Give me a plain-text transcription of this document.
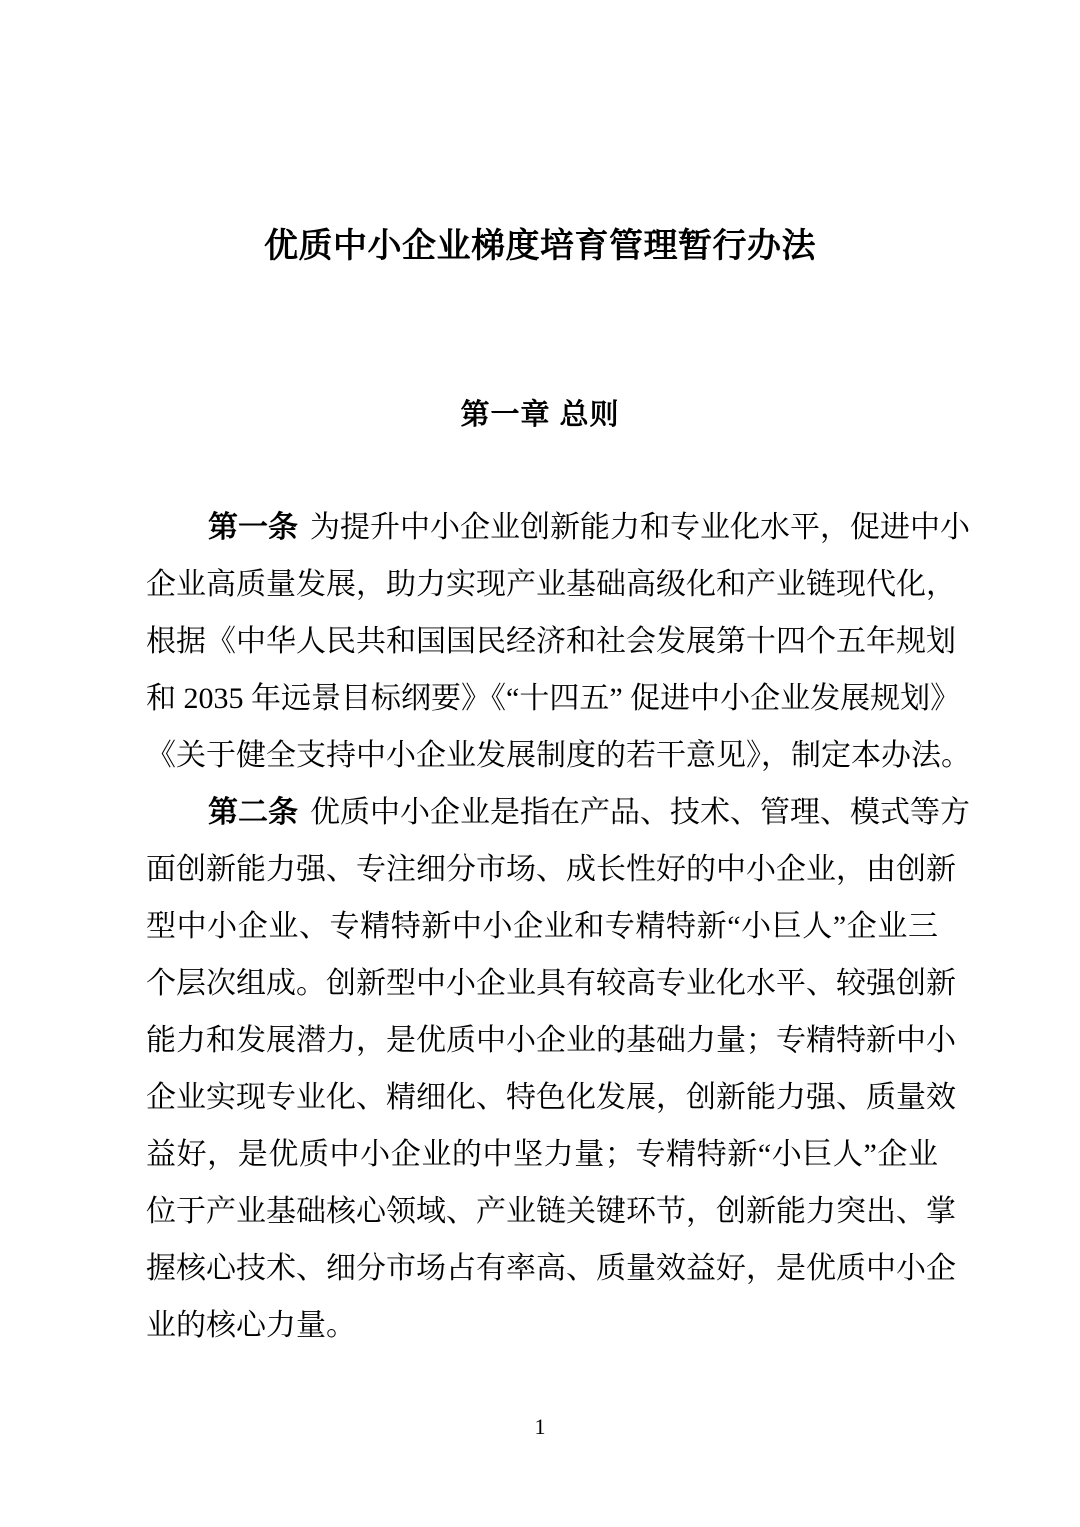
优质中小企业梯度培育管理暂行办法
第一章 总则
第一条 为提升中小企业创新能力和专业化水平，促进中小
企业高质量发展，助力实现产业基础高级化和产业链现代化，
根据《中华人民共和国国民经济和社会发展第十四个五年规划
和 2035 年远景目标纲要》《“十四五” 促进中小企业发展规划》
《关于健全支持中小企业发展制度的若干意见》，制定本办法。
第二条 优质中小企业是指在产品、技术、管理、模式等方
面创新能力强、专注细分市场、成长性好的中小企业，由创新
型中小企业、专精特新中小企业和专精特新“小巨人”企业三
个层次组成。创新型中小企业具有较高专业化水平、较强创新
能力和发展潜力，是优质中小企业的基础力量；专精特新中小
企业实现专业化、精细化、特色化发展，创新能力强、质量效
益好，是优质中小企业的中坚力量；专精特新“小巨人”企业
位于产业基础核心领域、产业链关键环节，创新能力突出、掌
握核心技术、细分市场占有率高、质量效益好，是优质中小企
业的核心力量。
1
